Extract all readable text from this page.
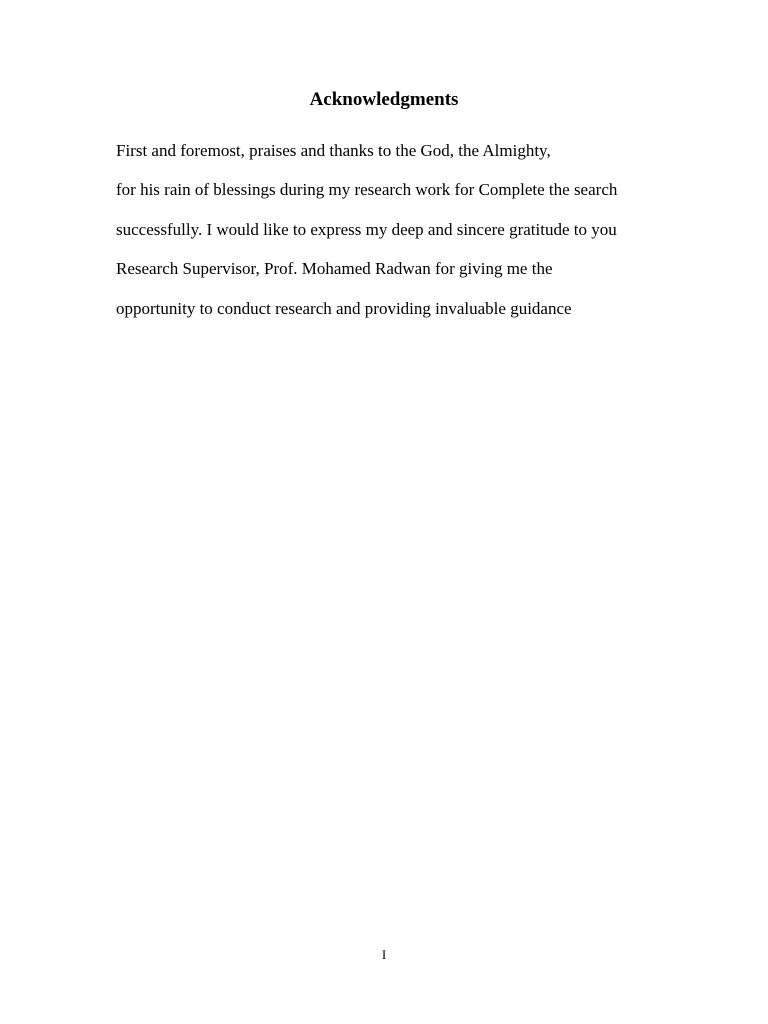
Acknowledgments
First and foremost, praises and thanks to the God, the Almighty,
for his rain of blessings during my research work for Complete the search
successfully. I would like to express my deep and sincere gratitude to you
Research Supervisor, Prof. Mohamed Radwan for giving me the
opportunity to conduct research and providing invaluable guidance
I
